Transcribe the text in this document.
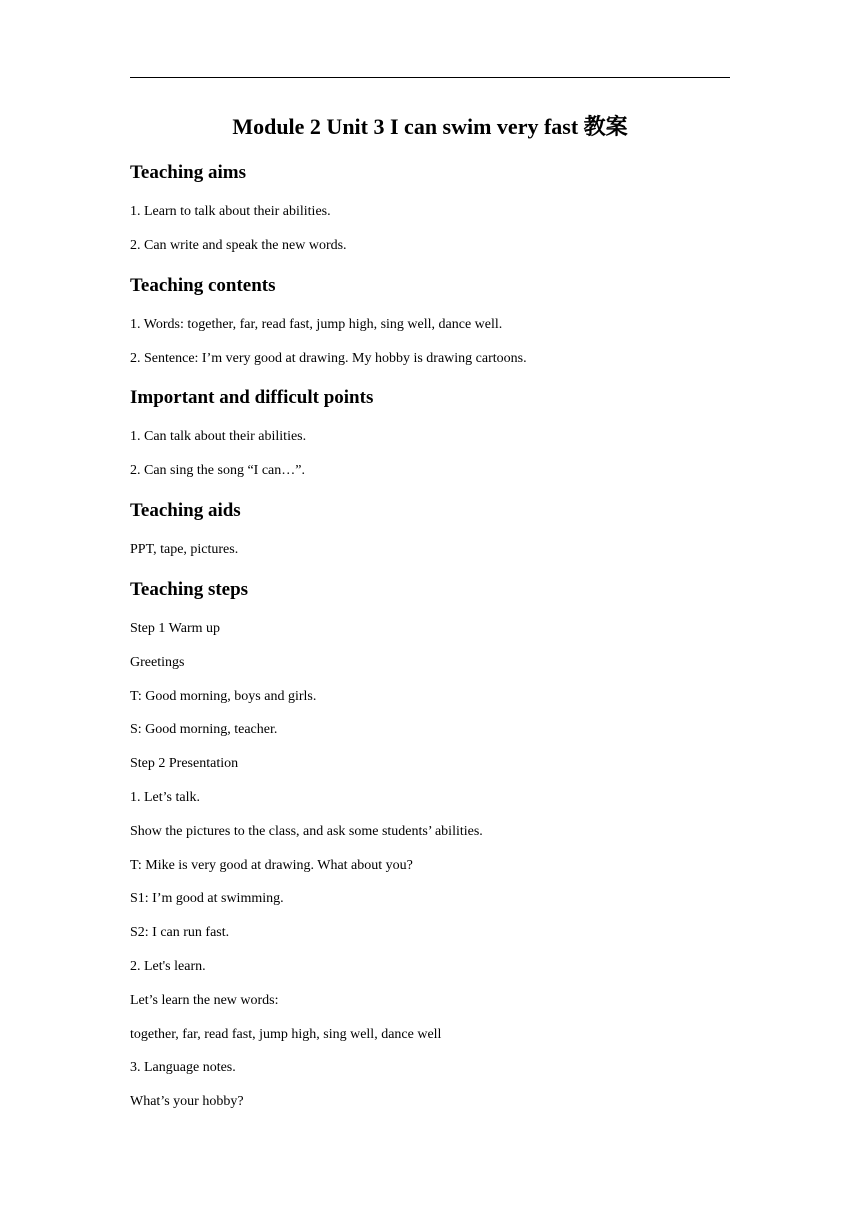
Module 2 Unit 3 I can swim very fast 教案
Teaching aims
1. Learn to talk about their abilities.
2. Can write and speak the new words.
Teaching contents
1. Words: together, far, read fast, jump high, sing well, dance well.
2. Sentence: I’m very good at drawing. My hobby is drawing cartoons.
Important and difficult points
1. Can talk about their abilities.
2. Can sing the song “I can…”.
Teaching aids
PPT, tape, pictures.
Teaching steps
Step 1 Warm up
Greetings
T: Good morning, boys and girls.
S: Good morning, teacher.
Step 2 Presentation
1. Let’s talk.
Show the pictures to the class, and ask some students’ abilities.
T: Mike is very good at drawing. What about you?
S1: I’m good at swimming.
S2: I can run fast.
2. Let's learn.
Let’s learn the new words:
together, far, read fast, jump high, sing well, dance well
3. Language notes.
What’s your hobby?
